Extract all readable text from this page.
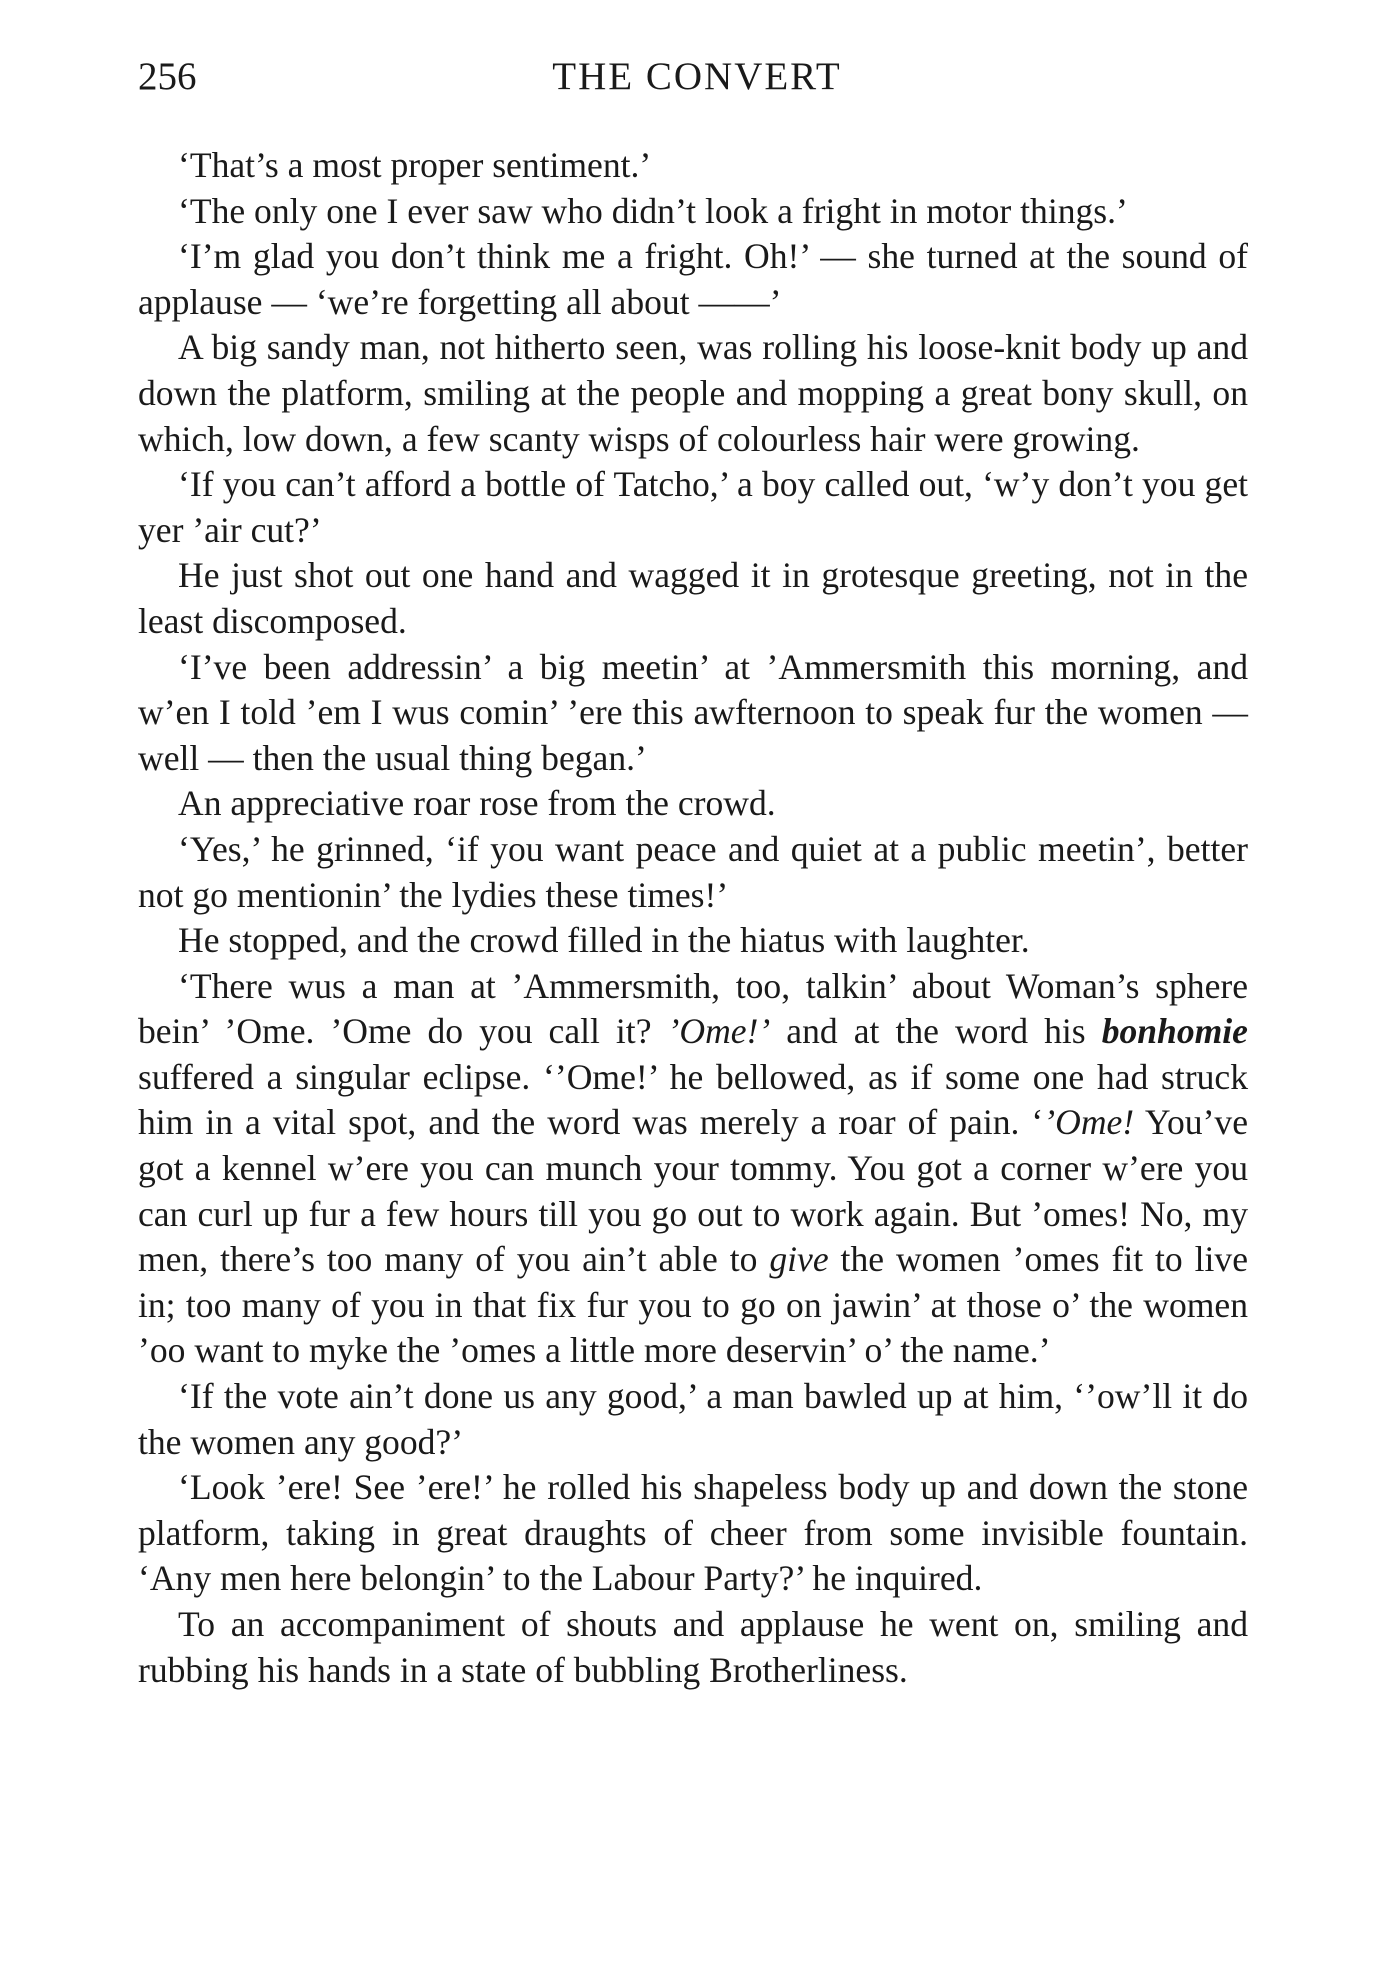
256	THE CONVERT

‘That’s a most proper sentiment.’

‘The only one I ever saw who didn’t look a fright in motor things.’

‘I’m glad you don’t think me a fright. Oh!’ — she turned at the sound of applause — ‘we’re forgetting all about ——’

A big sandy man, not hitherto seen, was rolling his loose-knit body up and down the platform, smiling at the people and mopping a great bony skull, on which, low down, a few scanty wisps of colourless hair were growing.

‘If you can’t afford a bottle of Tatcho,’ a boy called out, ‘w’y don’t you get yer ’air cut?’

He just shot out one hand and wagged it in grotesque greeting, not in the least discomposed.

‘I’ve been addressin’ a big meetin’ at ’Ammersmith this morning, and w’en I told ’em I wus comin’ ’ere this awfternoon to speak fur the women — well — then the usual thing began.’

An appreciative roar rose from the crowd.

‘Yes,’ he grinned, ‘if you want peace and quiet at a public meetin’, better not go mentionin’ the lydies these times!’

He stopped, and the crowd filled in the hiatus with laughter.

‘There wus a man at ’Ammersmith, too, talkin’ about Woman’s sphere bein’ ’Ome. ’Ome do you call it? ’Ome!’ and at the word his bonhomie suffered a singular eclipse. ‘’Ome!’ he bellowed, as if some one had struck him in a vital spot, and the word was merely a roar of pain. ‘’Ome! You’ve got a kennel w’ere you can munch your tommy. You got a corner w’ere you can curl up fur a few hours till you go out to work again. But ’omes! No, my men, there’s too many of you ain’t able to give the women ’omes fit to live in; too many of you in that fix fur you to go on jawin’ at those o’ the women ’oo want to myke the ’omes a little more deservin’ o’ the name.’

‘If the vote ain’t done us any good,’ a man bawled up at him, ‘’ow’ll it do the women any good?’

‘Look ’ere! See ’ere!’ he rolled his shapeless body up and down the stone platform, taking in great draughts of cheer from some invisible fountain. ‘Any men here belongin’ to the Labour Party?’ he inquired.

To an accompaniment of shouts and applause he went on, smiling and rubbing his hands in a state of bubbling Brotherliness.
